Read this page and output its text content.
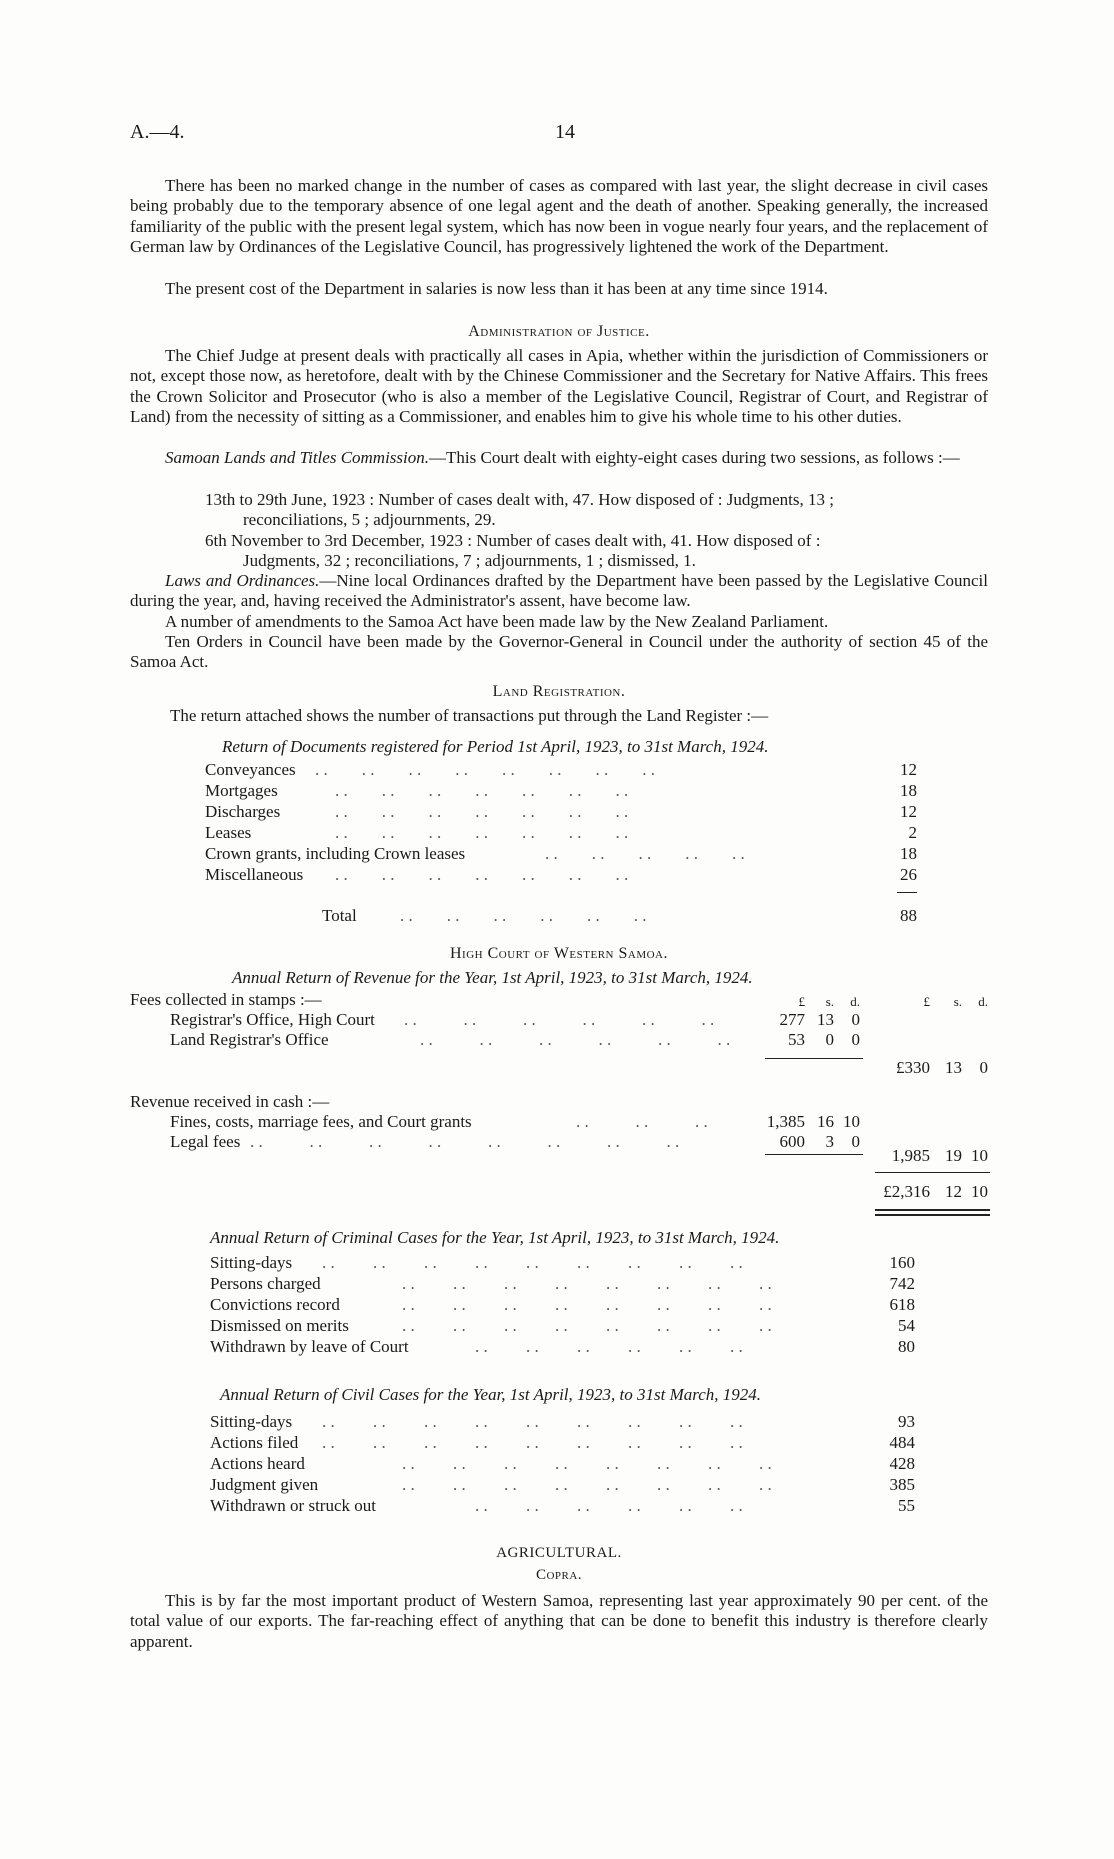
A.—4.	14
There has been no marked change in the number of cases as compared with last year, the slight decrease in civil cases being probably due to the temporary absence of one legal agent and the death of another. Speaking generally, the increased familiarity of the public with the present legal system, which has now been in vogue nearly four years, and the replacement of German law by Ordinances of the Legislative Council, has progressively lightened the work of the Department.
The present cost of the Department in salaries is now less than it has been at any time since 1914.
Administration of Justice.
The Chief Judge at present deals with practically all cases in Apia, whether within the jurisdiction of Commissioners or not, except those now, as heretofore, dealt with by the Chinese Commissioner and the Secretary for Native Affairs. This frees the Crown Solicitor and Prosecutor (who is also a member of the Legislative Council, Registrar of Court, and Registrar of Land) from the necessity of sitting as a Commissioner, and enables him to give his whole time to his other duties.
Samoan Lands and Titles Commission.—This Court dealt with eighty-eight cases during two sessions, as follows :—
13th to 29th June, 1923 : Number of cases dealt with, 47. How disposed of : Judgments, 13 ;
reconciliations, 5 ; adjournments, 29.
6th November to 3rd December, 1923 : Number of cases dealt with, 41. How disposed of :
Judgments, 32 ; reconciliations, 7 ; adjournments, 1 ; dismissed, 1.
Laws and Ordinances.—Nine local Ordinances drafted by the Department have been passed by the Legislative Council during the year, and, having received the Administrator's assent, have become law.
A number of amendments to the Samoa Act have been made law by the New Zealand Parliament.
Ten Orders in Council have been made by the Governor-General in Council under the authority of section 45 of the Samoa Act.
Land Registration.
The return attached shows the number of transactions put through the Land Register :—
Return of Documents registered for Period 1st April, 1923, to 31st March, 1924.
Conveyances . .        . .        . .        . .        . .        . .        . .        . .	12
Mortgages	. .        . .        . .        . .        . .        . .        . .	18
Discharges	. .        . .        . .        . .        . .        . .        . .	12
Leases	. .        . .        . .        . .        . .        . .        . .	2
Crown grants, including Crown leases	. .        . .        . .        . .        . .	18
Miscellaneous . .        . .        . .        . .        . .        . .        . .	26
Total	. .        . .        . .        . .        . .        . .	88
High Court of Western Samoa.
Annual Return of Revenue for the Year, 1st April, 1923, to 31st March, 1924.
£	s.	d.	£	s.	d.
Fees collected in stamps :—
Registrar's Office, High Court . .           . .           . .           . .           . .           . .	277 13	0
Land Registrar's Office	. .           . .           . .           . .           . .           . .	53	0	0
£330 13	0
Revenue received in cash :—
Fines, costs, marriage fees, and Court grants	. .           . .           . .	1,385 16 10
Legal fees . .           . .           . .           . .           . .           . .           . .           . .	600	3	0
1,985 19 10
£2,316 12 10
Annual Return of Criminal Cases for the Year, 1st April, 1923, to 31st March, 1924.
Sitting-days . .         . .         . .         . .         . .         . .         . .         . .         . .	160
Persons charged	. .         . .         . .         . .         . .         . .         . .         . .	742
Convictions record	. .         . .         . .         . .         . .         . .         . .         . .	618
Dismissed on merits	. .         . .         . .         . .         . .         . .         . .         . .	54
Withdrawn by leave of Court	. .         . .         . .         . .         . .         . .	80
Annual Return of Civil Cases for the Year, 1st April, 1923, to 31st March, 1924.
Sitting-days . .         . .         . .         . .         . .         . .         . .         . .         . .	93
Actions filed . .         . .         . .         . .         . .         . .         . .         . .         . .	484
Actions heard	. .         . .         . .         . .         . .         . .         . .         . .	428
Judgment given	. .         . .         . .         . .         . .         . .         . .         . .	385
Withdrawn or struck out	. .         . .         . .         . .         . .         . .	55
AGRICULTURAL.
Copra.
This is by far the most important product of Western Samoa, representing last year approximately 90 per cent. of the total value of our exports. The far-reaching effect of anything that can be done to benefit this industry is therefore clearly apparent.
